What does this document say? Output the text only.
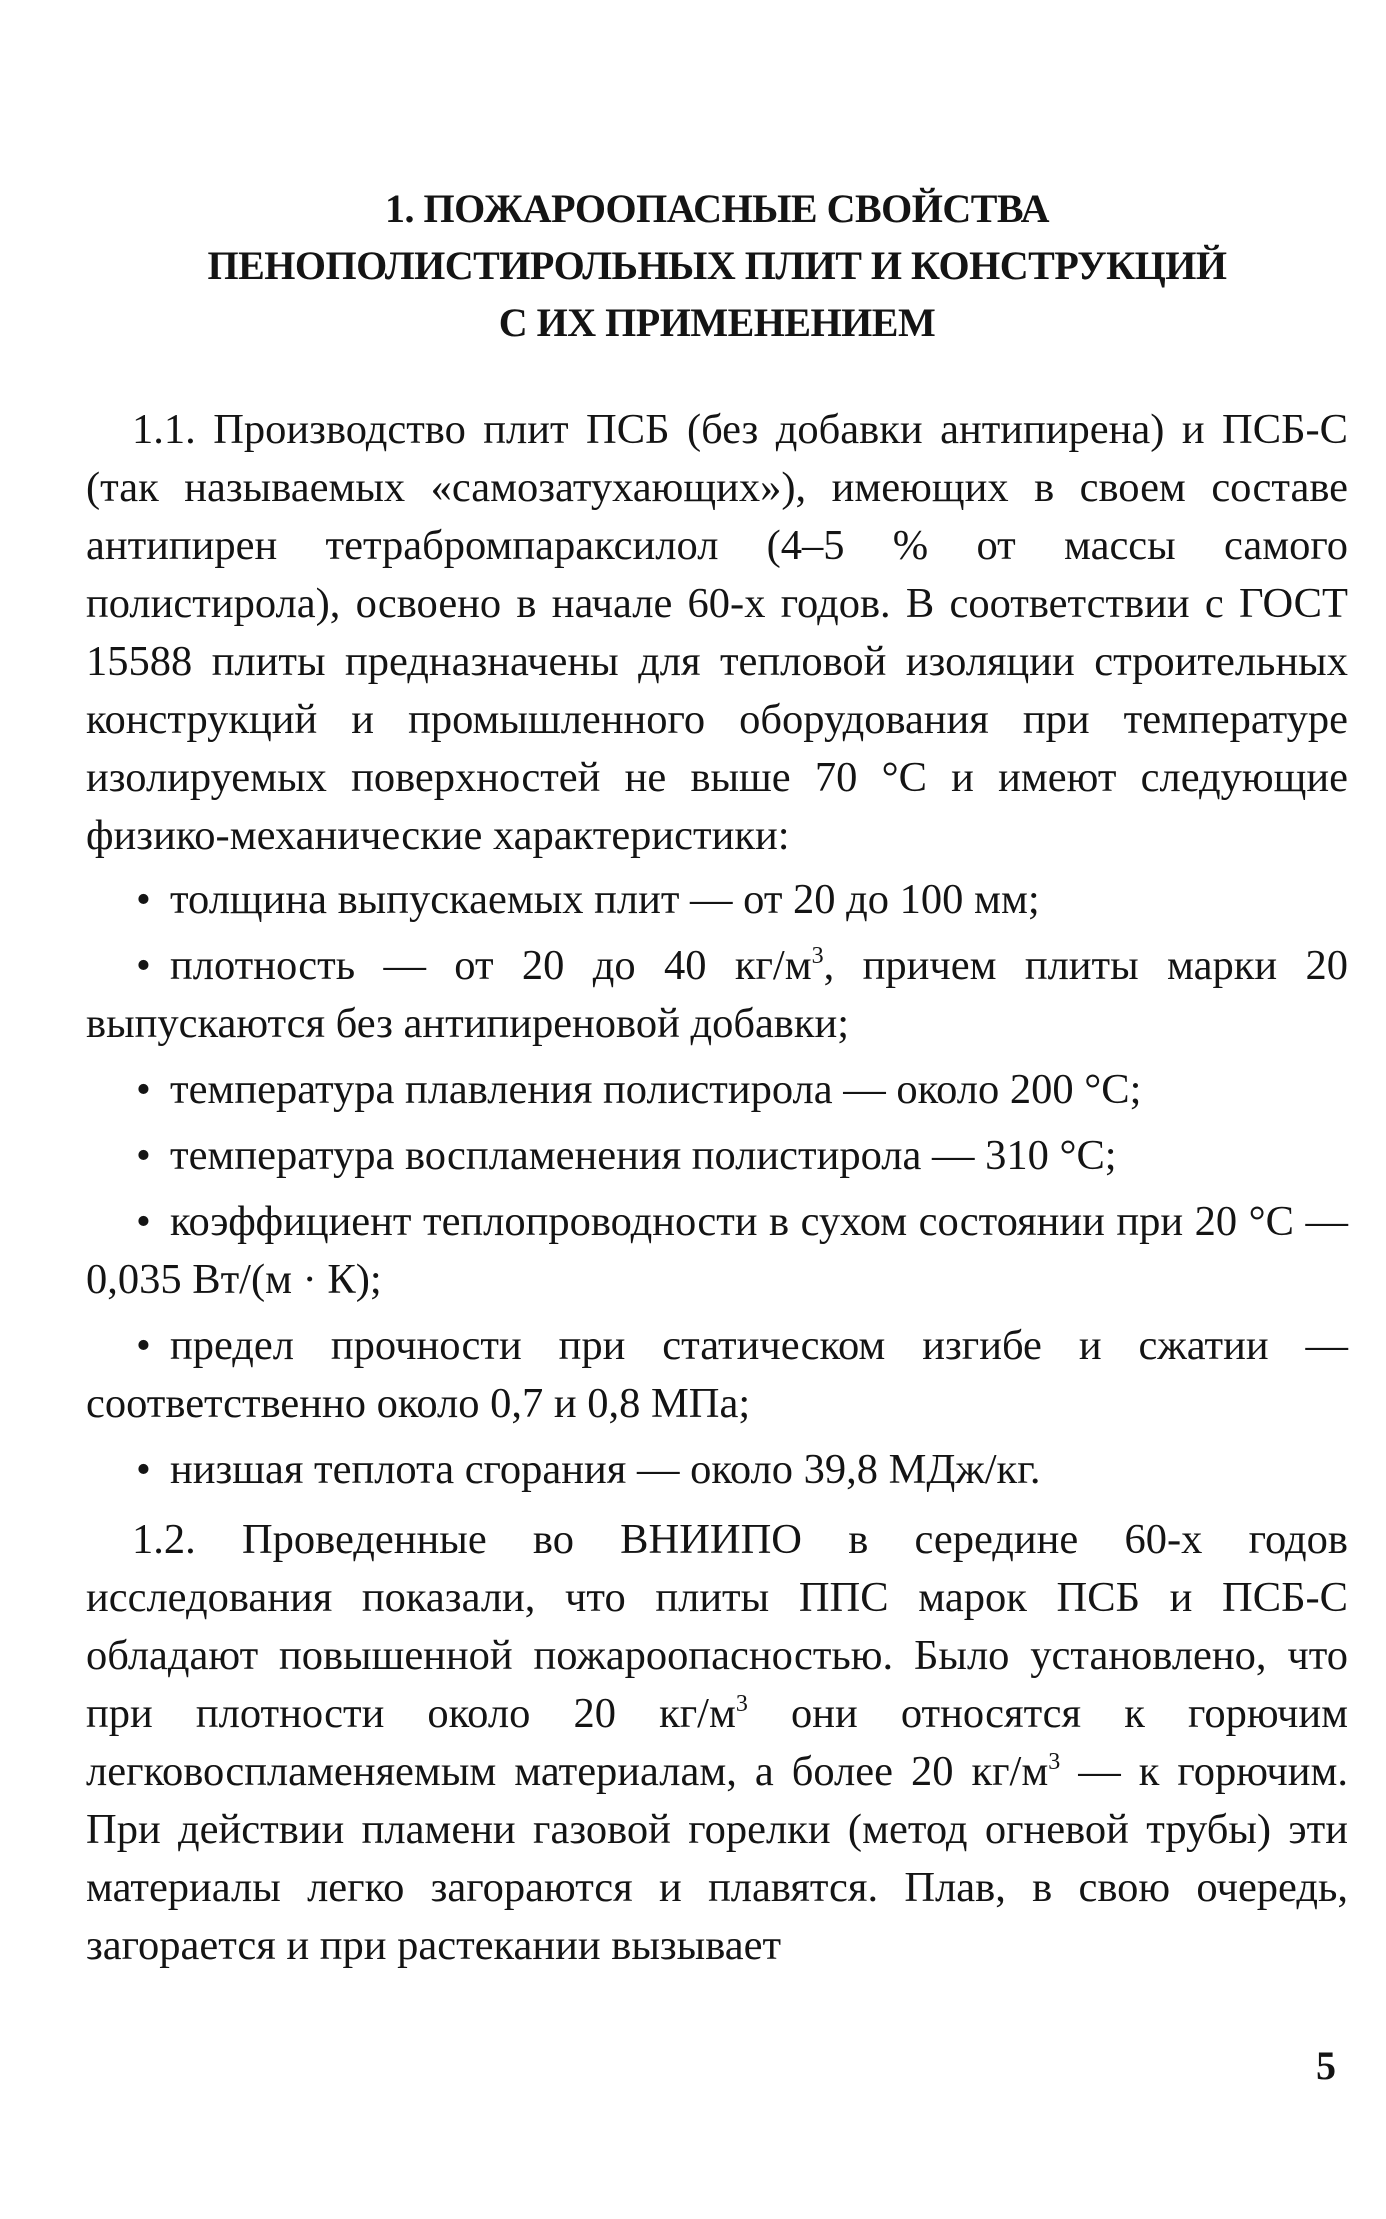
1. ПОЖАРООПАСНЫЕ СВОЙСТВА
ПЕНОПОЛИСТИРОЛЬНЫХ ПЛИТ И КОНСТРУКЦИЙ
С ИХ ПРИМЕНЕНИЕМ

1.1. Производство плит ПСБ (без добавки антипирена) и ПСБ-С (так называемых «самозатухающих»), имеющих в своем составе антипирен тетрабромпараксилол (4–5 % от массы самого полистирола), освоено в начале 60-х годов. В соответствии с ГОСТ 15588 плиты предназначены для тепловой изоляции строительных конструкций и промышленного оборудования при температуре изолируемых поверхностей не выше 70 °С и имеют следующие физико-механические характеристики:

• толщина выпускаемых плит — от 20 до 100 мм;
• плотность — от 20 до 40 $кг/м^3$, причем плиты марки 20 выпускаются без антипиреновой добавки;
• температура плавления полистирола — около 200 °С;
• температура воспламенения полистирола — 310 °С;
• коэффициент теплопроводности в сухом состоянии при 20 °С — 0,035 Вт/(м · К);
• предел прочности при статическом изгибе и сжатии — соответственно около 0,7 и 0,8 МПа;
• низшая теплота сгорания — около 39,8 МДж/кг.

1.2. Проведенные во ВНИИПО в середине 60-х годов исследования показали, что плиты ППС марок ПСБ и ПСБ-С обладают повышенной пожароопасностью. Было установлено, что при плотности около 20 $кг/м^3$ они относятся к горючим легковоспламеняемым материалам, а более 20 $кг/м^3$ — к горючим. При действии пламени газовой горелки (метод огневой трубы) эти материалы легко загораются и плавятся. Плав, в свою очередь, загорается и при растекании вызывает

5
